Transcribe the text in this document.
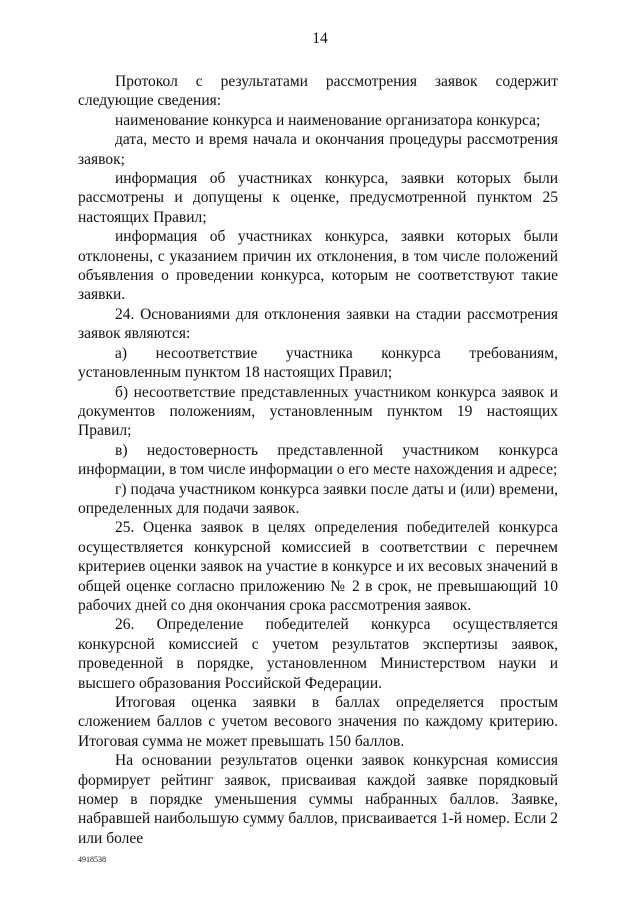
14

Протокол с результатами рассмотрения заявок содержит следующие сведения:

наименование конкурса и наименование организатора конкурса;

дата, место и время начала и окончания процедуры рассмотрения заявок;

информация об участниках конкурса, заявки которых были рассмотрены и допущены к оценке, предусмотренной пунктом 25 настоящих Правил;

информация об участниках конкурса, заявки которых были отклонены, с указанием причин их отклонения, в том числе положений объявления о проведении конкурса, которым не соответствуют такие заявки.

24. Основаниями для отклонения заявки на стадии рассмотрения заявок являются:

а) несоответствие участника конкурса требованиям, установленным пунктом 18 настоящих Правил;

б) несоответствие представленных участником конкурса заявок и документов положениям, установленным пунктом 19 настоящих Правил;

в) недостоверность представленной участником конкурса информации, в том числе информации о его месте нахождения и адресе;

г) подача участником конкурса заявки после даты и (или) времени, определенных для подачи заявок.

25. Оценка заявок в целях определения победителей конкурса осуществляется конкурсной комиссией в соответствии с перечнем критериев оценки заявок на участие в конкурсе и их весовых значений в общей оценке согласно приложению № 2 в срок, не превышающий 10 рабочих дней со дня окончания срока рассмотрения заявок.

26. Определение победителей конкурса осуществляется конкурсной комиссией с учетом результатов экспертизы заявок, проведенной в порядке, установленном Министерством науки и высшего образования Российской Федерации.

Итоговая оценка заявки в баллах определяется простым сложением баллов с учетом весового значения по каждому критерию. Итоговая сумма не может превышать 150 баллов.

На основании результатов оценки заявок конкурсная комиссия формирует рейтинг заявок, присваивая каждой заявке порядковый номер в порядке уменьшения суммы набранных баллов. Заявке, набравшей наибольшую сумму баллов, присваивается 1-й номер. Если 2 или более

4918538
